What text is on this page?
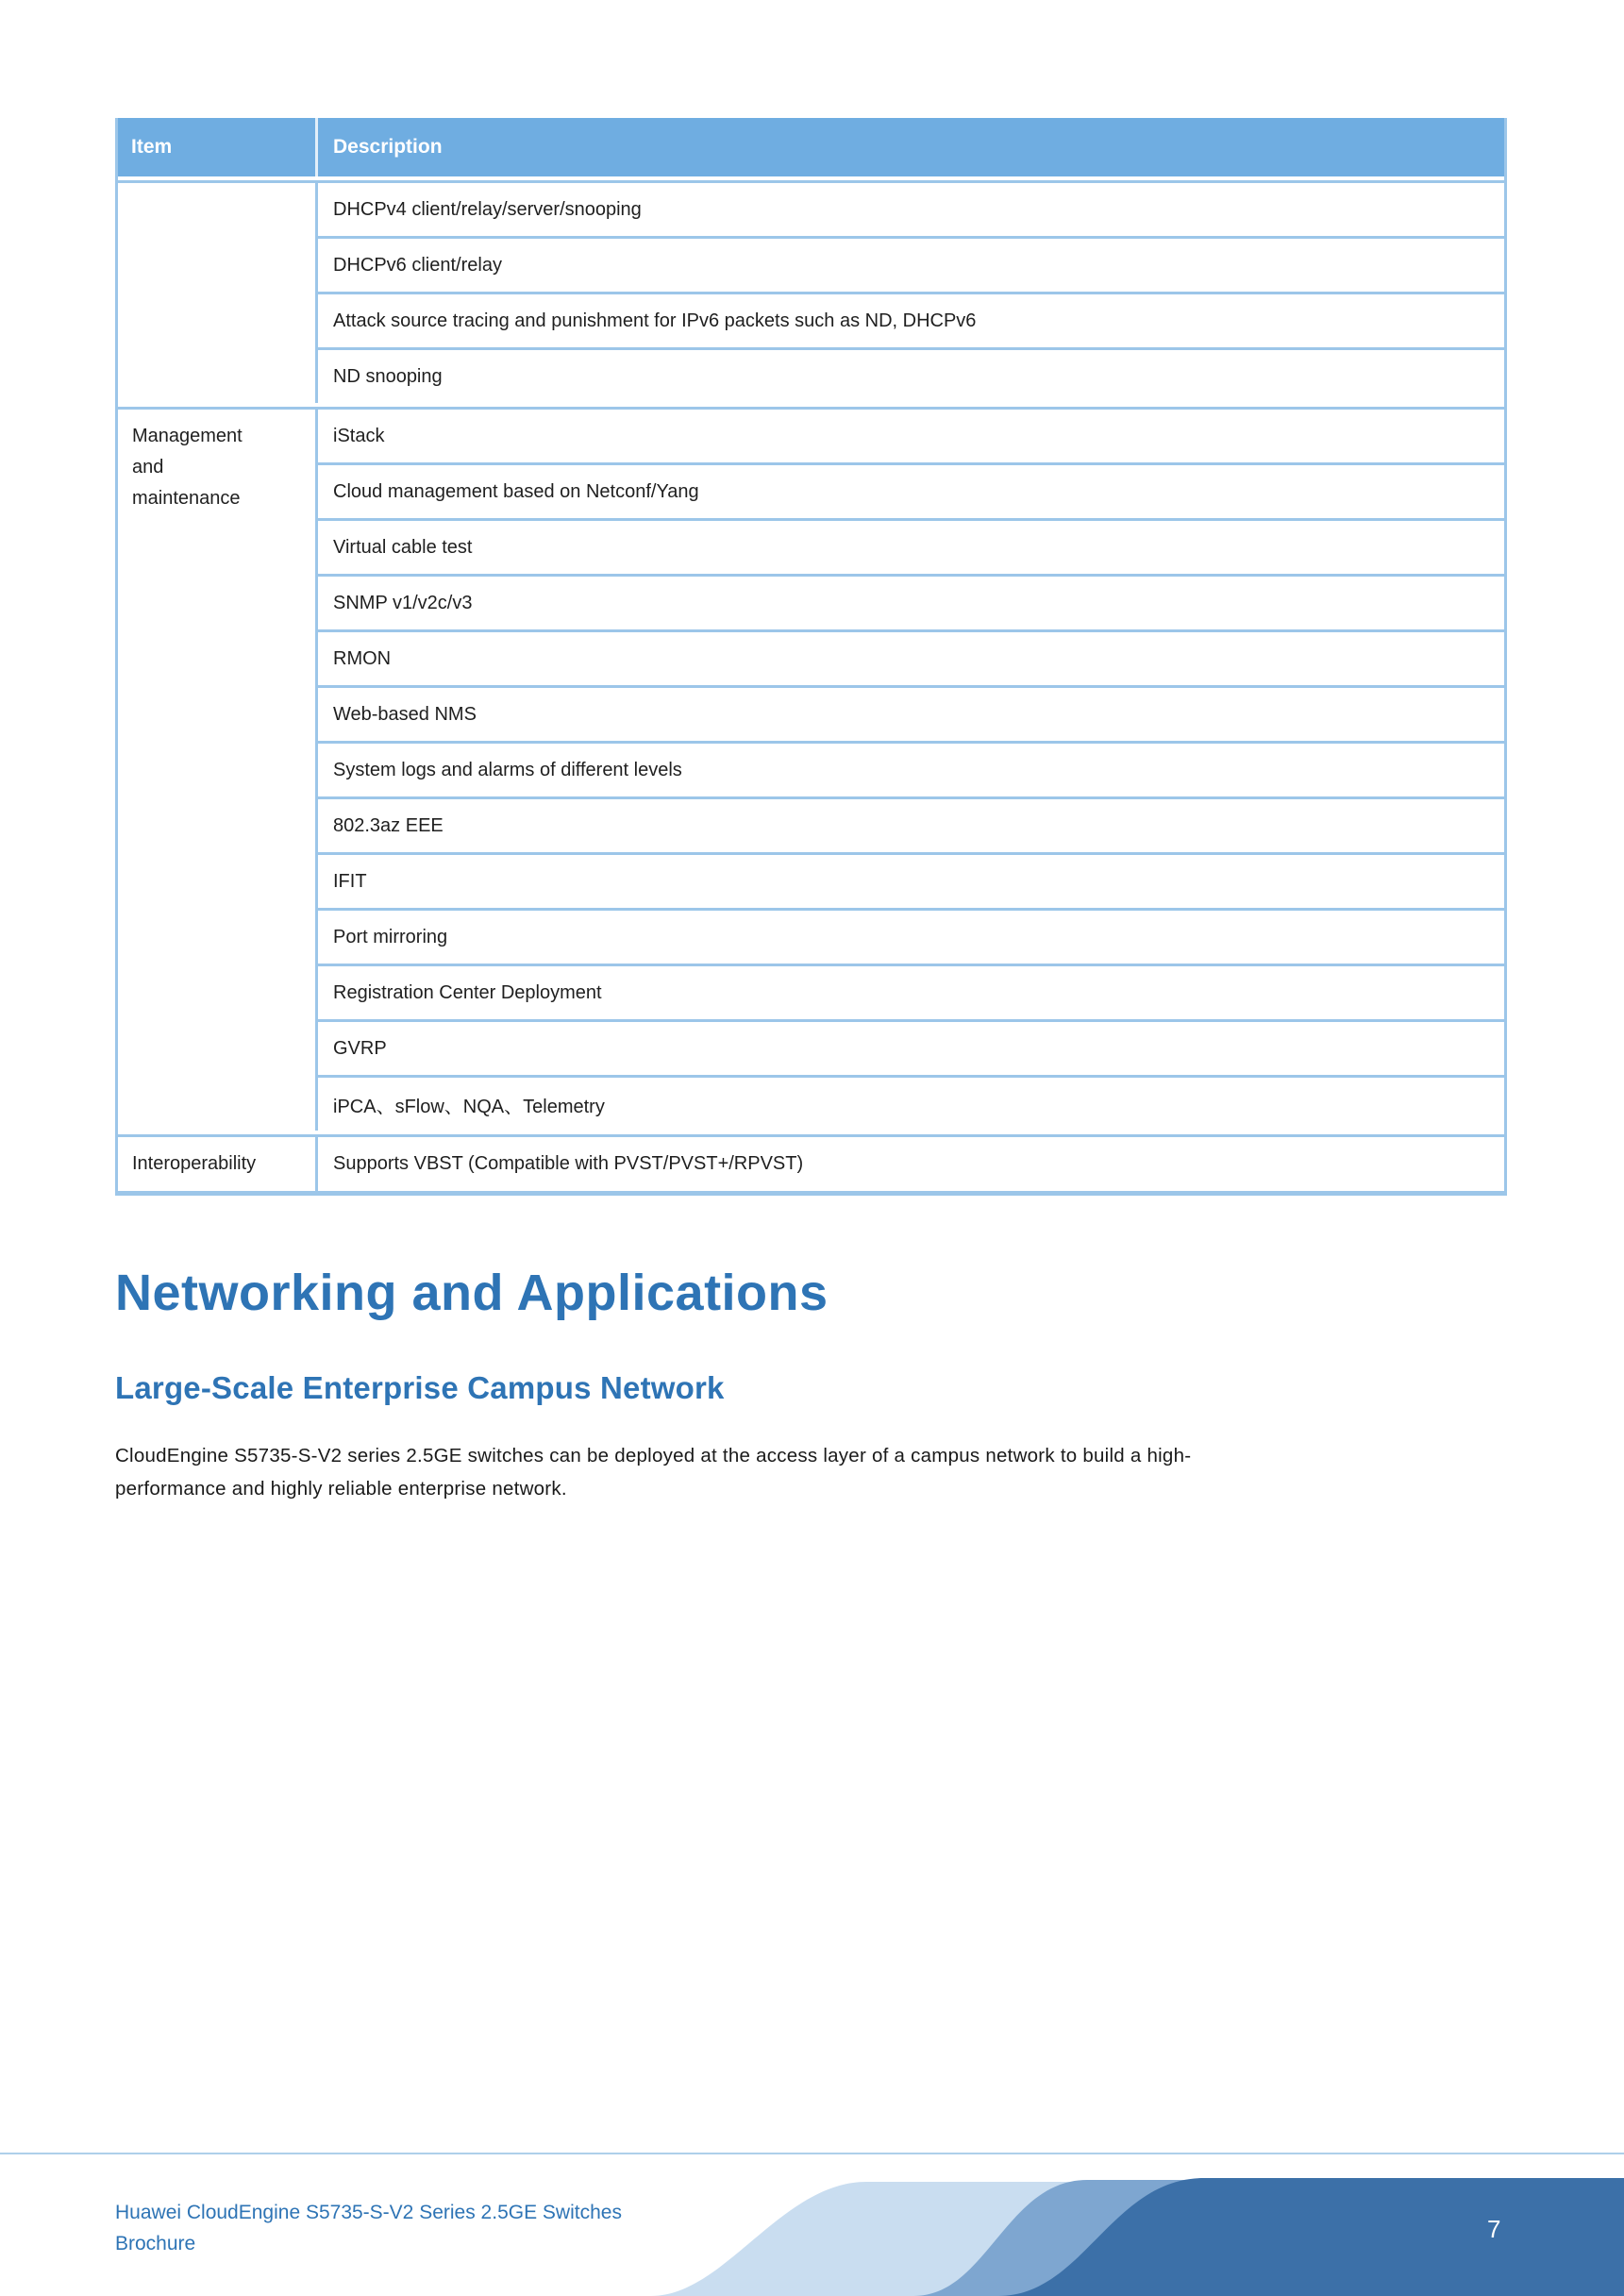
Item	Description
DHCPv4 client/relay/server/snooping
DHCPv6 client/relay
Attack source tracing and punishment for IPv6 packets such as ND, DHCPv6
ND snooping
Management and maintenance
iStack
Cloud management based on Netconf/Yang
Virtual cable test
SNMP v1/v2c/v3
RMON
Web-based NMS
System logs and alarms of different levels
802.3az EEE
IFIT
Port mirroring
Registration Center Deployment
GVRP
iPCA、sFlow、NQA、Telemetry
Interoperability	Supports VBST (Compatible with PVST/PVST+/RPVST)
Networking and Applications
Large-Scale Enterprise Campus Network
CloudEngine S5735-S-V2 series 2.5GE switches can be deployed at the access layer of a campus network to build a high-
performance and highly reliable enterprise network.
Huawei CloudEngine S5735-S-V2 Series 2.5GE Switches
Brochure
7
